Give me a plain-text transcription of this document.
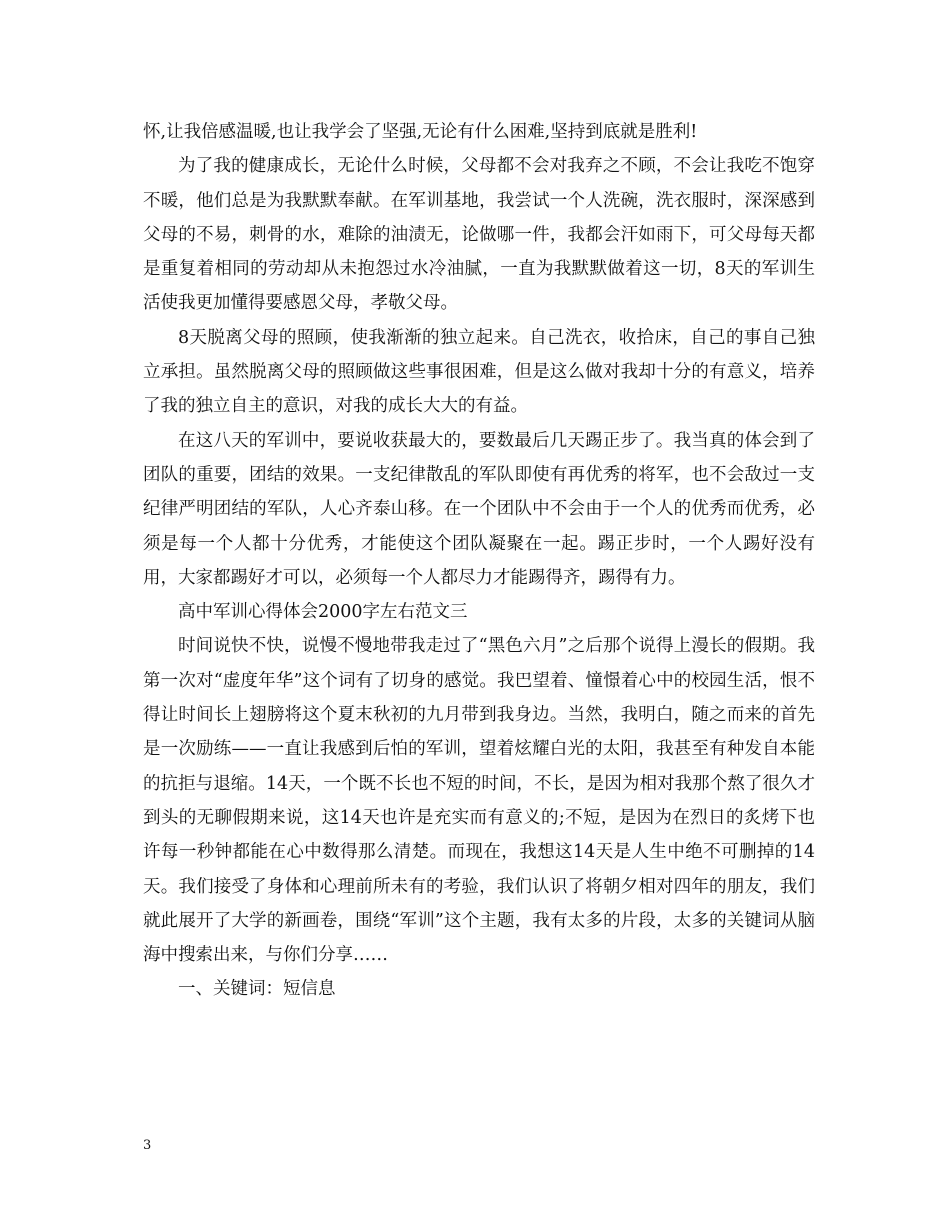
怀,让我倍感温暖,也让我学会了坚强,无论有什么困难,坚持到底就是胜利!

为了我的健康成长，无论什么时候，父母都不会对我弃之不顾，不会让我吃不饱穿不暖，他们总是为我默默奉献。在军训基地，我尝试一个人洗碗，洗衣服时，深深感到父母的不易，刺骨的水，难除的油渍无，论做哪一件，我都会汗如雨下，可父母每天都是重复着相同的劳动却从未抱怨过水冷油腻，一直为我默默做着这一切，8天的军训生活使我更加懂得要感恩父母，孝敬父母。

8天脱离父母的照顾，使我渐渐的独立起来。自己洗衣，收拾床，自己的事自己独立承担。虽然脱离父母的照顾做这些事很困难，但是这么做对我却十分的有意义，培养了我的独立自主的意识，对我的成长大大的有益。

在这八天的军训中，要说收获最大的，要数最后几天踢正步了。我当真的体会到了团队的重要，团结的效果。一支纪律散乱的军队即使有再优秀的将军，也不会敌过一支纪律严明团结的军队，人心齐泰山移。在一个团队中不会由于一个人的优秀而优秀，必须是每一个人都十分优秀，才能使这个团队凝聚在一起。踢正步时，一个人踢好没有用，大家都踢好才可以，必须每一个人都尽力才能踢得齐，踢得有力。

高中军训心得体会2000字左右范文三

时间说快不快，说慢不慢地带我走过了“黑色六月”之后那个说得上漫长的假期。我第一次对“虚度年华”这个词有了切身的感觉。我巴望着、憧憬着心中的校园生活，恨不得让时间长上翅膀将这个夏末秋初的九月带到我身边。当然，我明白，随之而来的首先是一次励练——一直让我感到后怕的军训，望着炫耀白光的太阳，我甚至有种发自本能的抗拒与退缩。14天，一个既不长也不短的时间，不长，是因为相对我那个熬了很久才到头的无聊假期来说，这14天也许是充实而有意义的;不短，是因为在烈日的炙烤下也许每一秒钟都能在心中数得那么清楚。而现在，我想这14天是人生中绝不可删掉的14天。我们接受了身体和心理前所未有的考验，我们认识了将朝夕相对四年的朋友，我们就此展开了大学的新画卷，围绕“军训”这个主题，我有太多的片段，太多的关键词从脑海中搜索出来，与你们分享……

一、关键词：短信息

3
